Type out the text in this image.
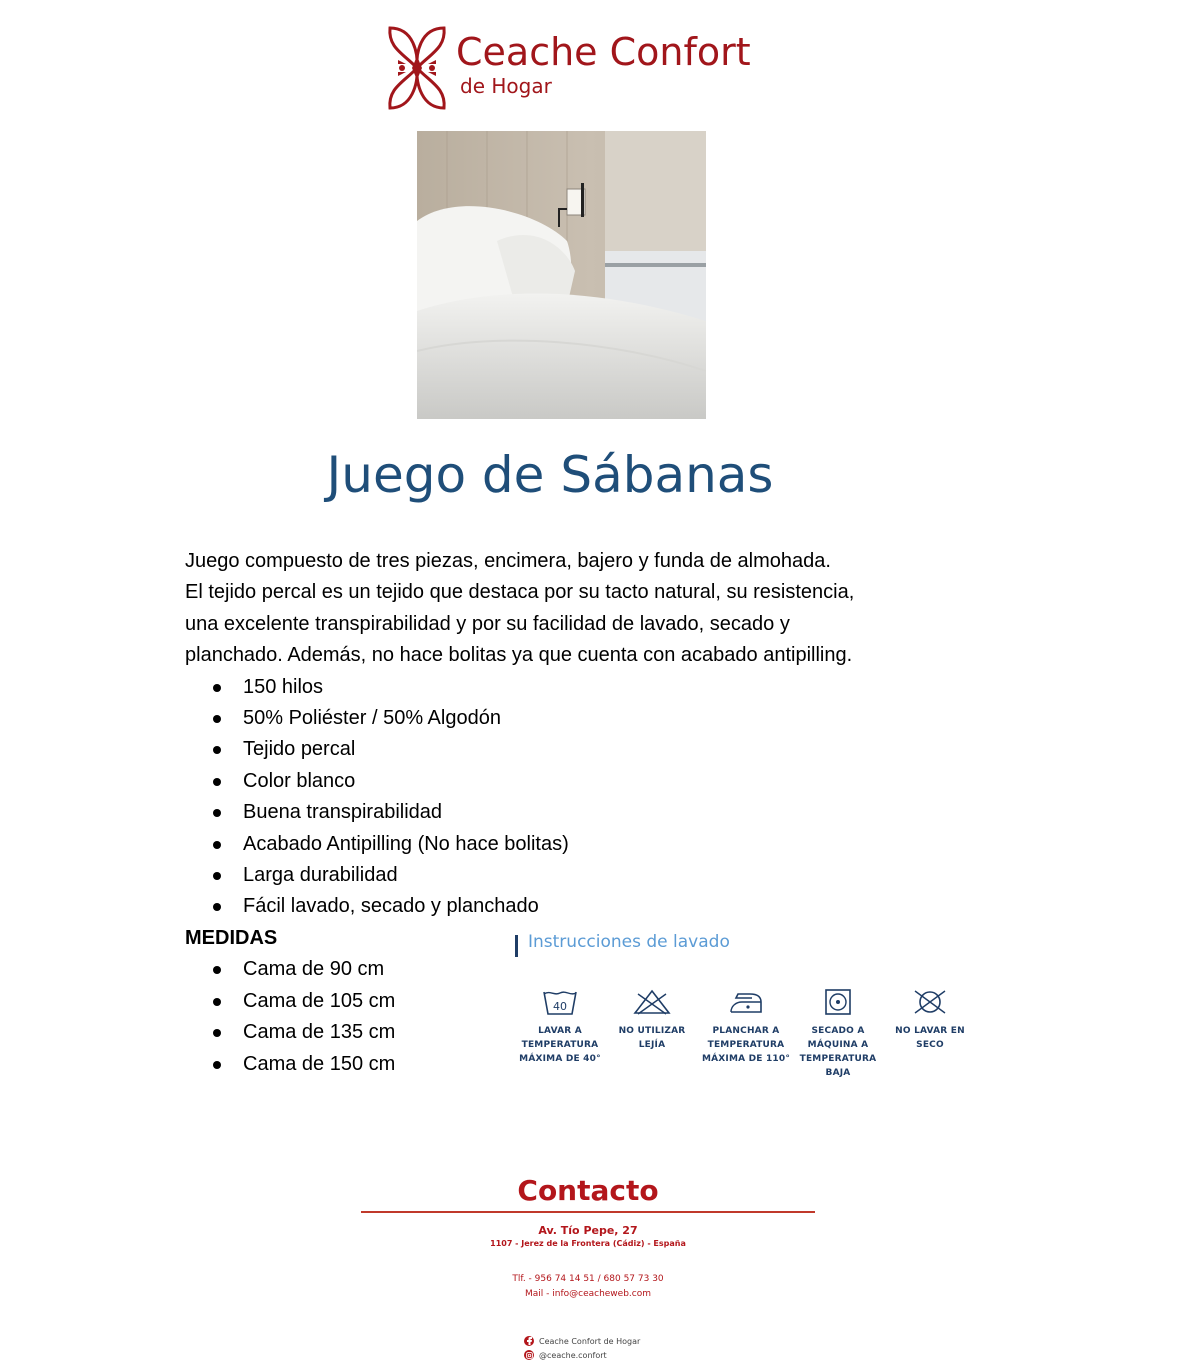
Ceache Confort
de Hogar
Juego de Sábanas

Juego compuesto de tres piezas, encimera, bajero y funda de almohada.

El tejido percal es un tejido que destaca por su tacto natural, su resistencia,

una excelente transpirabilidad y por su facilidad de lavado, secado y

planchado. Además, no hace bolitas ya que cuenta con acabado antipilling.

150 hilos
50% Poliéster / 50% Algodón
Tejido percal
Color blanco
Buena transpirabilidad
Acabado Antipilling (No hace bolitas)
Larga durabilidad
Fácil lavado, secado y planchado

MEDIDAS

Cama de 90 cm
Cama de 105 cm
Cama de 135 cm
Cama de 150 cm
Instrucciones de lavado
40
LAVAR A TEMPERATURA MÁXIMA DE 40°
NO UTILIZAR LEJÍA
PLANCHAR A TEMPERATURA MÁXIMA DE 110°
SECADO A MÁQUINA A TEMPERATURA BAJA
NO LAVAR EN SECO
Contacto
Av. Tío Pepe, 27
1107 - Jerez de la Frontera (Cádiz) - España
Tlf. - 956 74 14 51 / 680 57 73 30
Mail - info@ceacheweb.com
Ceache Confort de Hogar
@ceache.confort
